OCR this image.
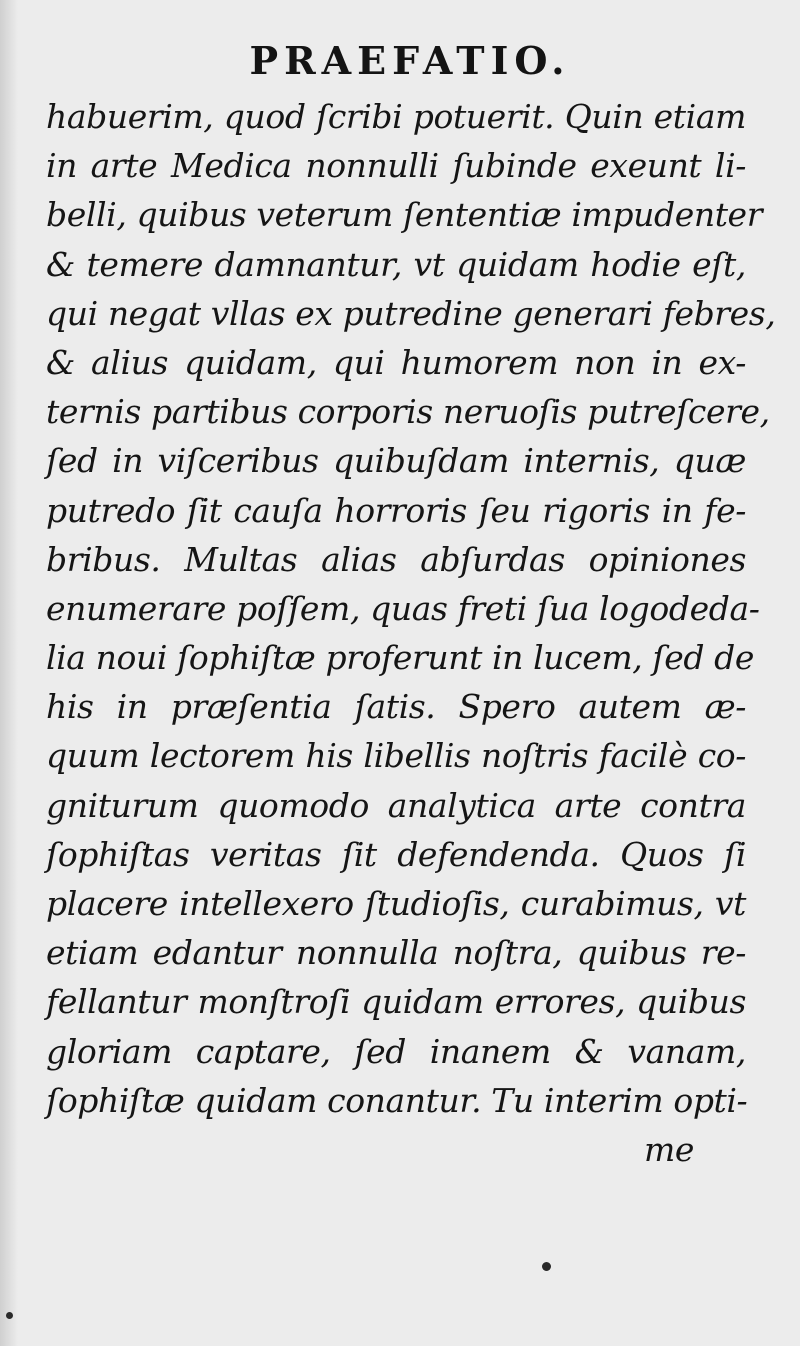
PRAEFATIO.
habuerim, quod ſcribi potuerit. Quin etiam
in arte Medica nonnulli ſubinde exeunt li-
belli, quibus veterum ſententiæ impudenter
& temere damnantur, vt quidam hodie eſt,
qui negat vllas ex putredine generari febres,
& alius quidam, qui humorem non in ex-
ternis partibus corporis neruoſis putreſcere,
ſed in viſceribus quibuſdam internis, quæ
putredo ſit cauſa horroris ſeu rigoris in fe-
bribus. Multas alias abſurdas opiniones
enumerare poſſem, quas freti ſua logodeda-
lia noui ſophiſtæ proferunt in lucem, ſed de
his in præſentia ſatis. Spero autem æ-
quum lectorem his libellis noſtris facilè co-
gniturum quomodo analytica arte contra
ſophiſtas veritas ſit defendenda. Quos ſi
placere intellexero ſtudioſis, curabimus, vt
etiam edantur nonnulla noſtra, quibus re-
fellantur monſtroſi quidam errores, quibus
gloriam captare, ſed inanem & vanam,
ſophiſtæ quidam conantur. Tu interim opti-
me
